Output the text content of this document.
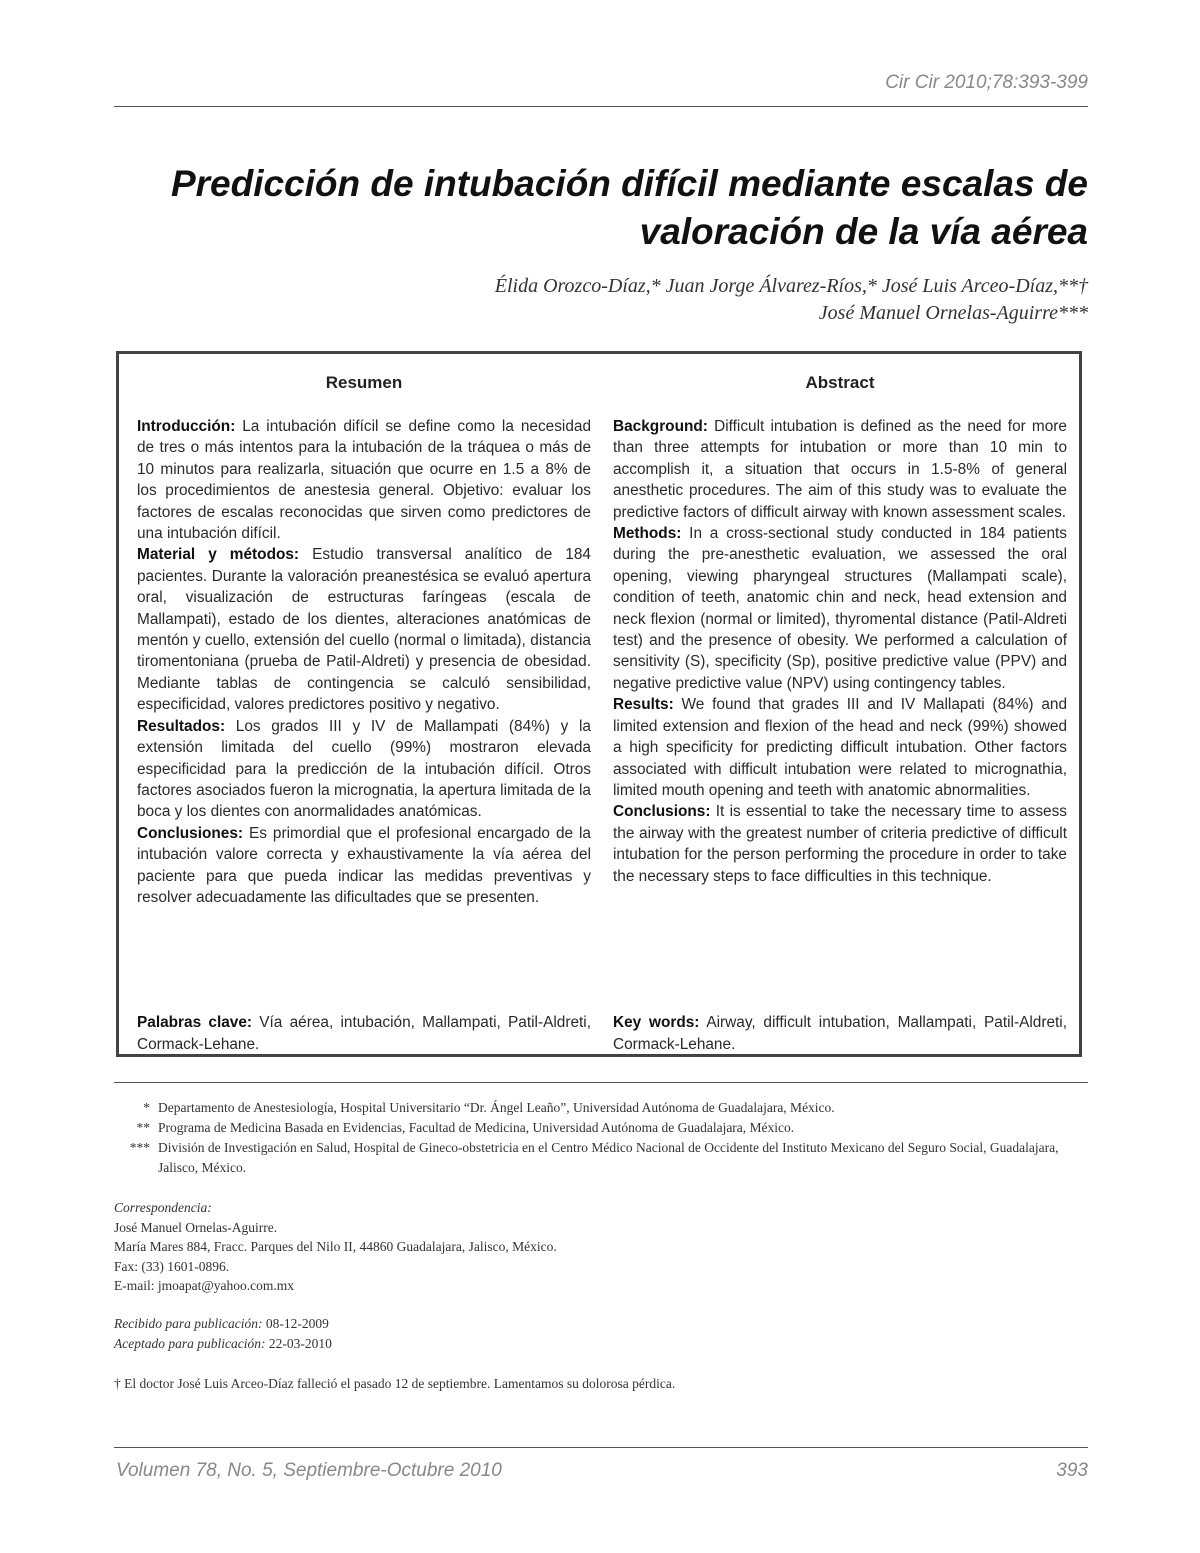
Cir Cir 2010;78:393-399
Predicción de intubación difícil mediante escalas de valoración de la vía aérea
Élida Orozco-Díaz,* Juan Jorge Álvarez-Ríos,* José Luis Arceo-Díaz,**†
José Manuel Ornelas-Aguirre***
Resumen

Introducción: La intubación difícil se define como la necesidad de tres o más intentos para la intubación de la tráquea o más de 10 minutos para realizarla, situación que ocurre en 1.5 a 8% de los procedimientos de anestesia general. Objetivo: evaluar los factores de escalas reconocidas que sirven como predictores de una intubación difícil.

Material y métodos: Estudio transversal analítico de 184 pacientes. Durante la valoración preanestésica se evaluó apertura oral, visualización de estructuras faríngeas (escala de Mallampati), estado de los dientes, alteraciones anatómicas de mentón y cuello, extensión del cuello (normal o limitada), distancia tiromentoniana (prueba de Patil-Aldreti) y presencia de obesidad. Mediante tablas de contingencia se calculó sensibilidad, especificidad, valores predictores positivo y negativo.

Resultados: Los grados III y IV de Mallampati (84%) y la extensión limitada del cuello (99%) mostraron elevada especificidad para la predicción de la intubación difícil. Otros factores asociados fueron la micrognatia, la apertura limitada de la boca y los dientes con anormalidades anatómicas.

Conclusiones: Es primordial que el profesional encargado de la intubación valore correcta y exhaustivamente la vía aérea del paciente para que pueda indicar las medidas preventivas y resolver adecuadamente las dificultades que se presenten.

Palabras clave: Vía aérea, intubación, Mallampati, Patil-Aldreti, Cormack-Lehane.

Abstract

Background: Difficult intubation is defined as the need for more than three attempts for intubation or more than 10 min to accomplish it, a situation that occurs in 1.5-8% of general anesthetic procedures. The aim of this study was to evaluate the predictive factors of difficult airway with known assessment scales.

Methods: In a cross-sectional study conducted in 184 patients during the pre-anesthetic evaluation, we assessed the oral opening, viewing pharyngeal structures (Mallampati scale), condition of teeth, anatomic chin and neck, head extension and neck flexion (normal or limited), thyromental distance (Patil-Aldreti test) and the presence of obesity. We performed a calculation of sensitivity (S), specificity (Sp), positive predictive value (PPV) and negative predictive value (NPV) using contingency tables.

Results: We found that grades III and IV Mallapati (84%) and limited extension and flexion of the head and neck (99%) showed a high specificity for predicting difficult intubation. Other factors associated with difficult intubation were related to micrognathia, limited mouth opening and teeth with anatomic abnormalities.

Conclusions: It is essential to take the necessary time to assess the airway with the greatest number of criteria predictive of difficult intubation for the person performing the procedure in order to take the necessary steps to face difficulties in this technique.

Key words: Airway, difficult intubation, Mallampati, Patil-Aldreti, Cormack-Lehane.

* Departamento de Anestesiología, Hospital Universitario “Dr. Ángel Leaño”, Universidad Autónoma de Guadalajara, México.
** Programa de Medicina Basada en Evidencias, Facultad de Medicina, Universidad Autónoma de Guadalajara, México.
*** División de Investigación en Salud, Hospital de Gineco-obstetricia en el Centro Médico Nacional de Occidente del Instituto Mexicano del Seguro Social, Guadalajara, Jalisco, México.
Correspondencia:
José Manuel Ornelas-Aguirre.
María Mares 884, Fracc. Parques del Nilo II, 44860 Guadalajara, Jalisco, México.
Fax: (33) 1601-0896.
E-mail: jmoapat@yahoo.com.mx
Recibido para publicación: 08-12-2009
Aceptado para publicación: 22-03-2010
† El doctor José Luis Arceo-Díaz falleció el pasado 12 de septiembre. Lamentamos su dolorosa pérdica.
Volumen 78, No. 5, Septiembre-Octubre 2010	393
